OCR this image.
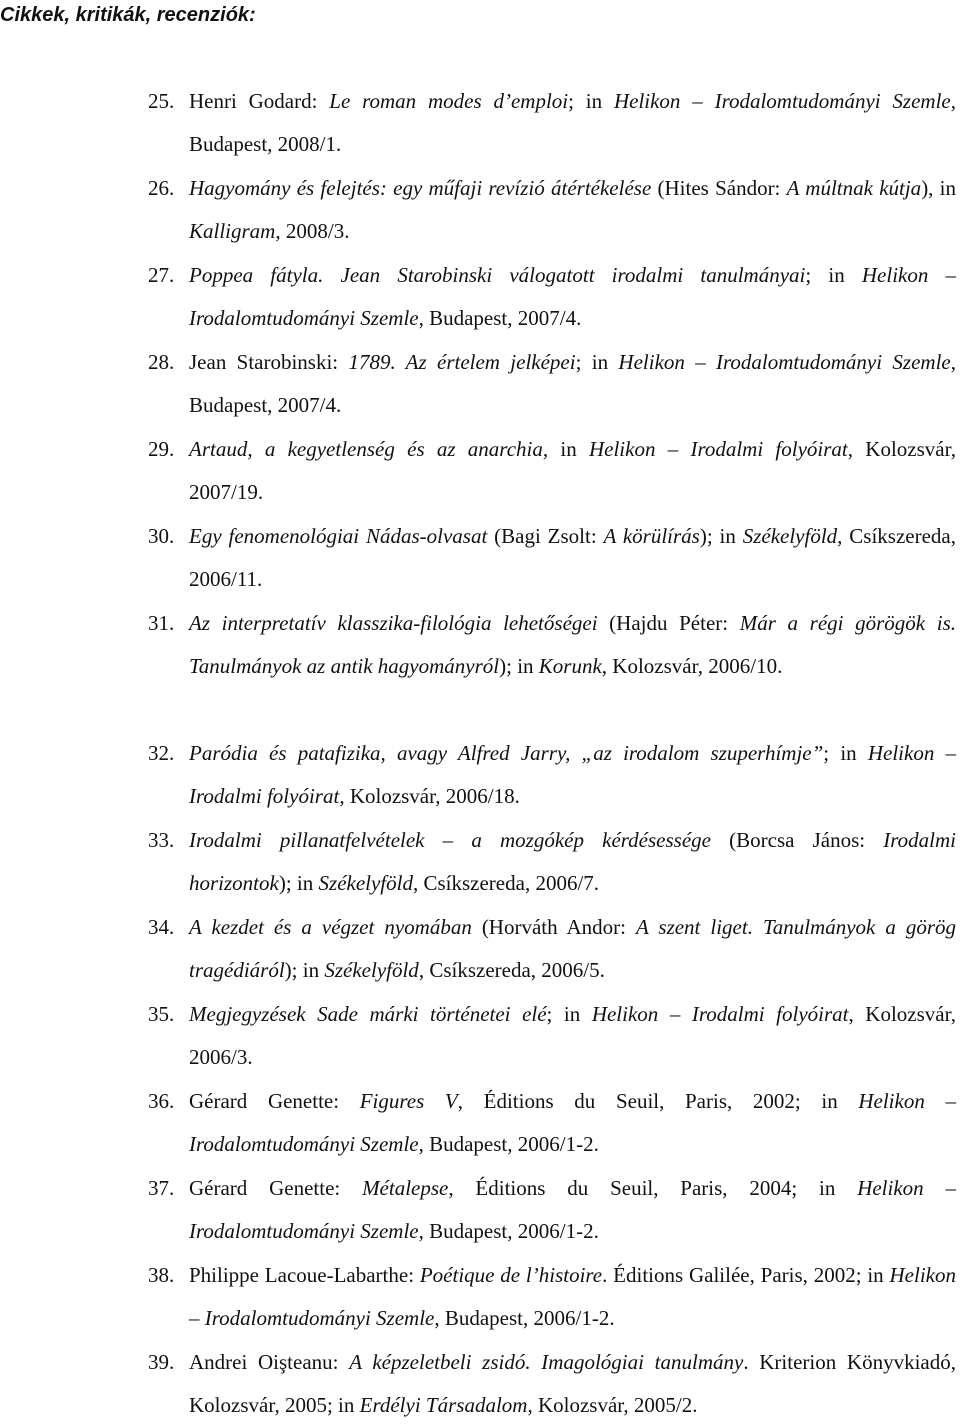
Cikkek, kritikák, recenziók:
25. Henri Godard: Le roman modes d’emploi; in Helikon – Irodalomtudományi Szemle, Budapest, 2008/1.

26. Hagyomány és felejtés: egy műfaji revízió átértékelése (Hites Sándor: A múltnak kútja), in Kalligram, 2008/3.

27. Poppea fátyla. Jean Starobinski válogatott irodalmi tanulmányai; in Helikon – Irodalomtudományi Szemle, Budapest, 2007/4.

28. Jean Starobinski: 1789. Az értelem jelképei; in Helikon – Irodalomtudományi Szemle, Budapest, 2007/4.

29. Artaud, a kegyetlenség és az anarchia, in Helikon – Irodalmi folyóirat, Kolozsvár, 2007/19.

30. Egy fenomenológiai Nádas-olvasat (Bagi Zsolt: A körülírás); in Székelyföld, Csíkszereda, 2006/11.

31. Az interpretatív klasszika-filológia lehetőségei (Hajdu Péter: Már a régi görögök is. Tanulmányok az antik hagyományról); in Korunk, Kolozsvár, 2006/10.

32. Paródia és patafizika, avagy Alfred Jarry, „az irodalom szuperhímje”; in Helikon – Irodalmi folyóirat, Kolozsvár, 2006/18.

33. Irodalmi pillanatfelvételek – a mozgókép kérdésessége (Borcsa János: Irodalmi horizontok); in Székelyföld, Csíkszereda, 2006/7.

34. A kezdet és a végzet nyomában (Horváth Andor: A szent liget. Tanulmányok a görög tragédiáról); in Székelyföld, Csíkszereda, 2006/5.

35. Megjegyzések Sade márki történetei elé; in Helikon – Irodalmi folyóirat, Kolozsvár, 2006/3.

36. Gérard Genette: Figures V, Éditions du Seuil, Paris, 2002; in Helikon – Irodalomtudományi Szemle, Budapest, 2006/1-2.

37. Gérard Genette: Métalepse, Éditions du Seuil, Paris, 2004; in Helikon – Irodalomtudományi Szemle, Budapest, 2006/1-2.

38. Philippe Lacoue-Labarthe: Poétique de l’histoire. Éditions Galilée, Paris, 2002; in Helikon – Irodalomtudományi Szemle, Budapest, 2006/1-2.

39. Andrei Oişteanu: A képzeletbeli zsidó. Imagológiai tanulmány. Kriterion Könyvkiadó, Kolozsvár, 2005; in Erdélyi Társadalom, Kolozsvár, 2005/2.
